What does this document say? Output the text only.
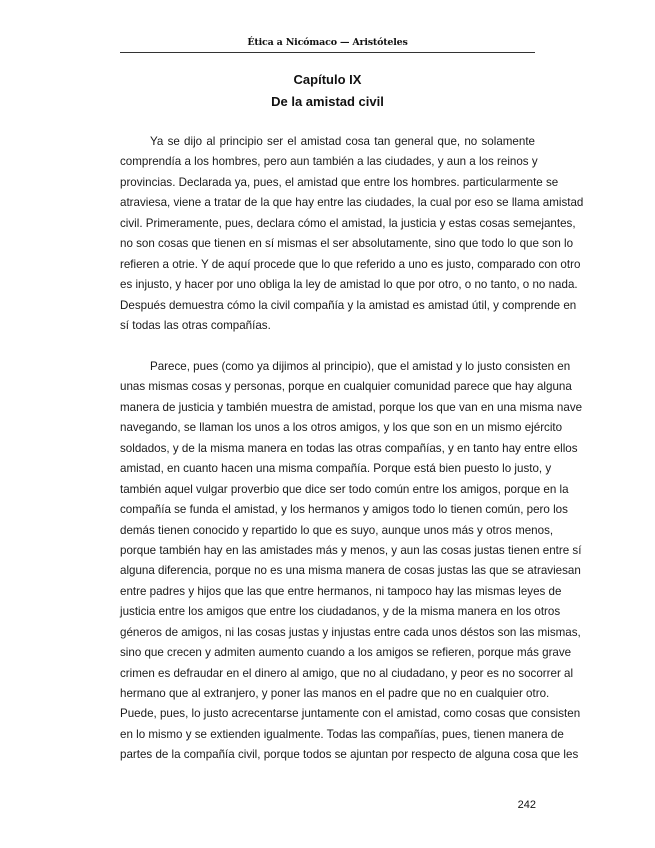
Ética a Nicómaco — Aristóteles
Capítulo IX
De la amistad civil
Ya se dijo al principio ser el amistad cosa tan general que, no solamente
comprendía a los hombres, pero aun también a las ciudades, y aun a los reinos y
provincias. Declarada ya, pues, el amistad que entre los hombres. particularmente se
atraviesa, viene a tratar de la que hay entre las ciudades, la cual por eso se llama amistad
civil. Primeramente, pues, declara cómo el amistad, la justicia y estas cosas semejantes,
no son cosas que tienen en sí mismas el ser absolutamente, sino que todo lo que son lo
refieren a otrie. Y de aquí procede que lo que referido a uno es justo, comparado con otro
es injusto, y hacer por uno obliga la ley de amistad lo que por otro, o no tanto, o no nada.
Después demuestra cómo la civil compañía y la amistad es amistad útil, y comprende en
sí todas las otras compañías.
Parece, pues (como ya dijimos al principio), que el amistad y lo justo consisten en
unas mismas cosas y personas, porque en cualquier comunidad parece que hay alguna
manera de justicia y también muestra de amistad, porque los que van en una misma nave
navegando, se llaman los unos a los otros amigos, y los que son en un mismo ejército
soldados, y de la misma manera en todas las otras compañías, y en tanto hay entre ellos
amistad, en cuanto hacen una misma compañía. Porque está bien puesto lo justo, y
también aquel vulgar proverbio que dice ser todo común entre los amigos, porque en la
compañía se funda el amistad, y los hermanos y amigos todo lo tienen común, pero los
demás tienen conocido y repartido lo que es suyo, aunque unos más y otros menos,
porque también hay en las amistades más y menos, y aun las cosas justas tienen entre sí
alguna diferencia, porque no es una misma manera de cosas justas las que se atraviesan
entre padres y hijos que las que entre hermanos, ni tampoco hay las mismas leyes de
justicia entre los amigos que entre los ciudadanos, y de la misma manera en los otros
géneros de amigos, ni las cosas justas y injustas entre cada unos déstos son las mismas,
sino que crecen y admiten aumento cuando a los amigos se refieren, porque más grave
crimen es defraudar en el dinero al amigo, que no al ciudadano, y peor es no socorrer al
hermano que al extranjero, y poner las manos en el padre que no en cualquier otro.
Puede, pues, lo justo acrecentarse juntamente con el amistad, como cosas que consisten
en lo mismo y se extienden igualmente. Todas las compañías, pues, tienen manera de
partes de la compañía civil, porque todos se ajuntan por respecto de alguna cosa que les
242
